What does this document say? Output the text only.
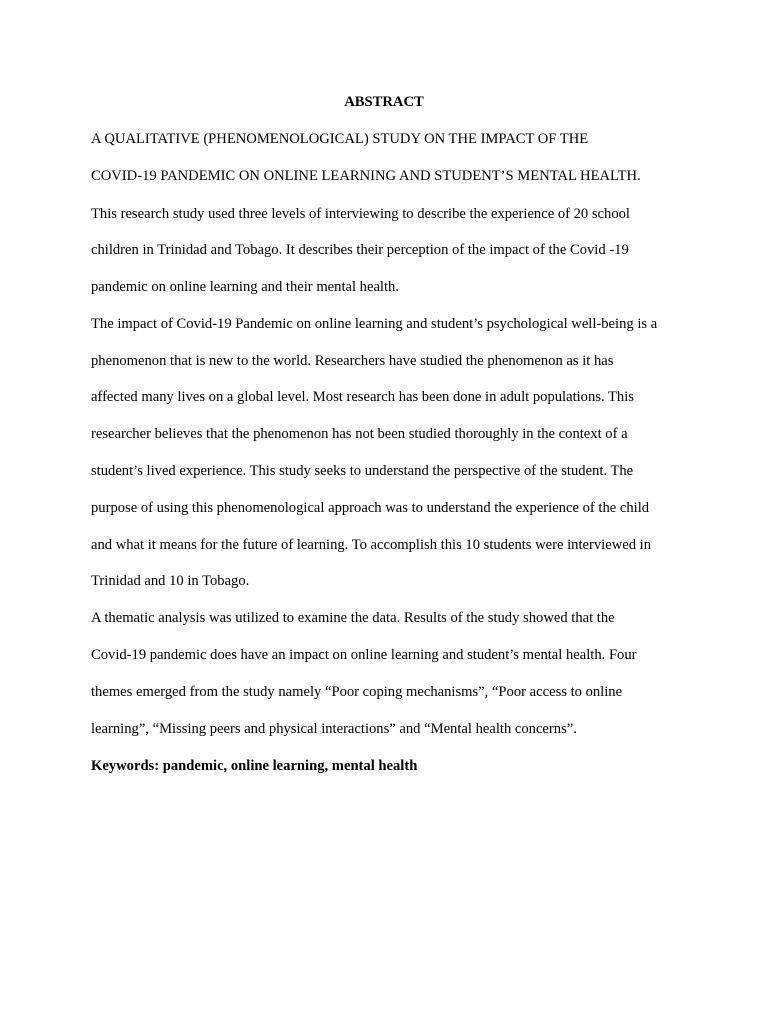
ABSTRACT
A QUALITATIVE (PHENOMENOLOGICAL) STUDY ON THE IMPACT OF THE
COVID-19 PANDEMIC ON ONLINE LEARNING AND STUDENT’S MENTAL HEALTH.
This research study used three levels of interviewing to describe the experience of 20 school
children in Trinidad and Tobago. It describes their perception of the impact of the Covid -19
pandemic on online learning and their mental health.
The impact of Covid-19 Pandemic on online learning and student’s psychological well-being is a
phenomenon that is new to the world. Researchers have studied the phenomenon as it has
affected many lives on a global level. Most research has been done in adult populations. This
researcher believes that the phenomenon has not been studied thoroughly in the context of a
student’s lived experience. This study seeks to understand the perspective of the student. The
purpose of using this phenomenological approach was to understand the experience of the child
and what it means for the future of learning. To accomplish this 10 students were interviewed in
Trinidad and 10 in Tobago.
A thematic analysis was utilized to examine the data. Results of the study showed that the
Covid-19 pandemic does have an impact on online learning and student’s mental health. Four
themes emerged from the study namely “Poor coping mechanisms”, “Poor access to online
learning”, “Missing peers and physical interactions” and “Mental health concerns”.
Keywords: pandemic, online learning, mental health
